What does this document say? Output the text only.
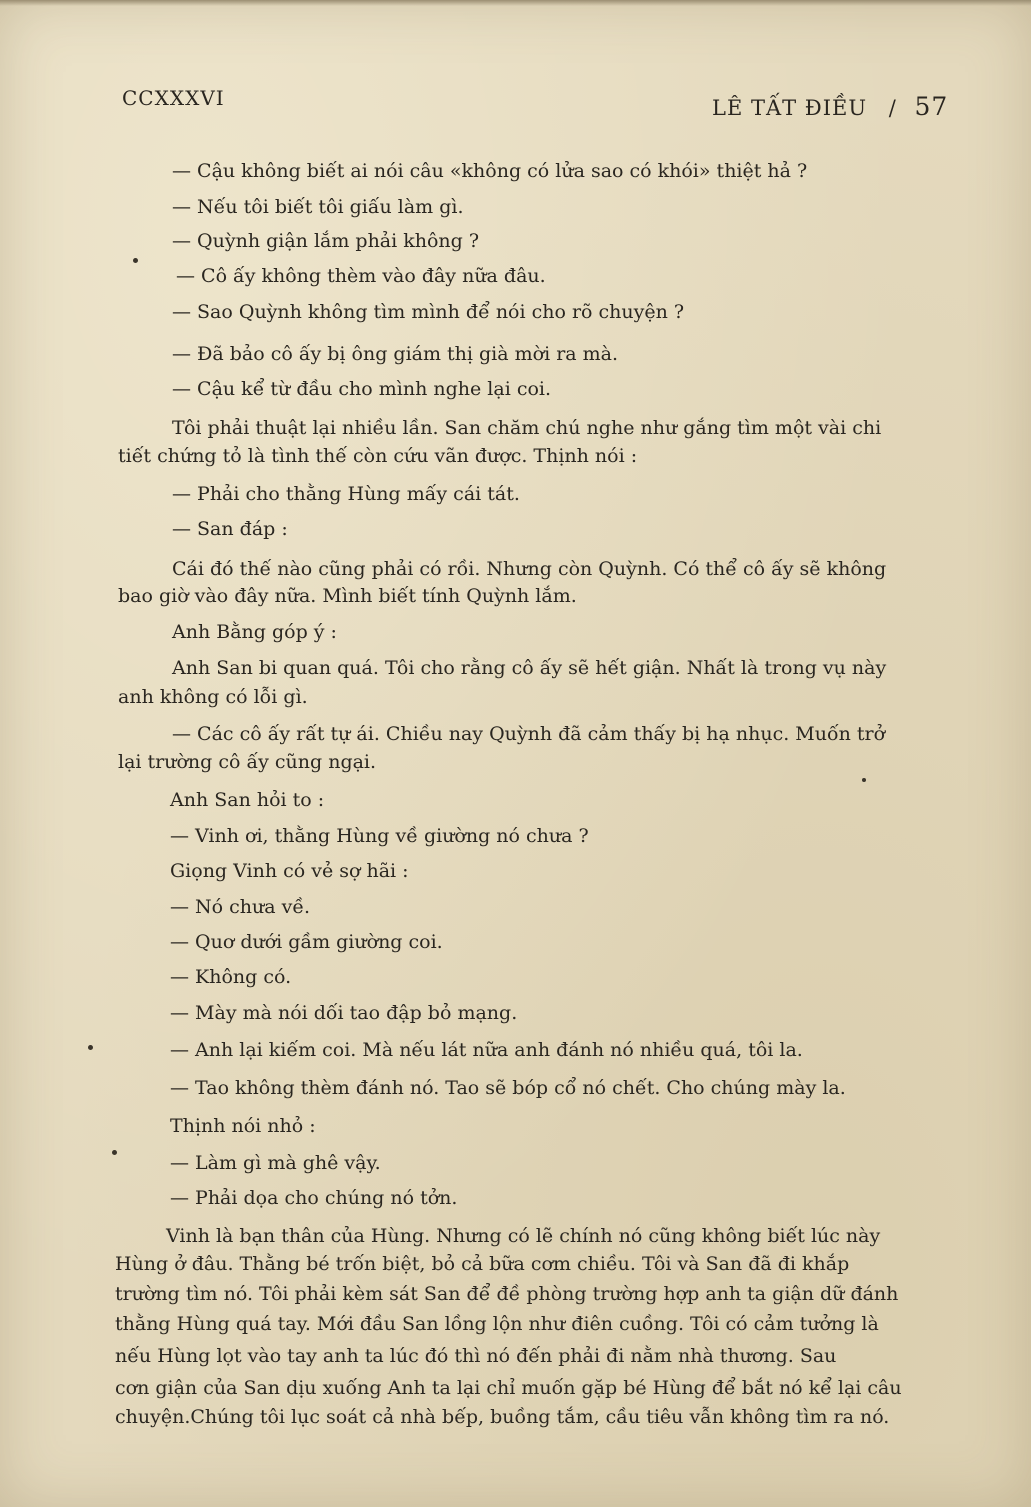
CCXXXVI	LÊ TẤT ĐIỀU / 57
— Cậu không biết ai nói câu «không có lửa sao có khói» thiệt hả ?
— Nếu tôi biết tôi giấu làm gì.
— Quỳnh giận lắm phải không ?
— Cô ấy không thèm vào đây nữa đâu.
— Sao Quỳnh không tìm mình để nói cho rõ chuyện ?
— Đã bảo cô ấy bị ông giám thị già mời ra mà.
— Cậu kể từ đầu cho mình nghe lại coi.
Tôi phải thuật lại nhiều lần. San chăm chú nghe như gắng tìm một vài chi
tiết chứng tỏ là tình thế còn cứu vãn được. Thịnh nói :
— Phải cho thằng Hùng mấy cái tát.
— San đáp :
Cái đó thế nào cũng phải có rồi. Nhưng còn Quỳnh. Có thể cô ấy sẽ không
bao giờ vào đây nữa. Mình biết tính Quỳnh lắm.
Anh Bằng góp ý :
Anh San bi quan quá. Tôi cho rằng cô ấy sẽ hết giận. Nhất là trong vụ này
anh không có lỗi gì.
— Các cô ấy rất tự ái. Chiều nay Quỳnh đã cảm thấy bị hạ nhục. Muốn trở
lại trường cô ấy cũng ngại.
Anh San hỏi to :
— Vinh ơi, thằng Hùng về giường nó chưa ?
Giọng Vinh có vẻ sợ hãi :
— Nó chưa về.
— Quơ dưới gầm giường coi.
— Không có.
— Mày mà nói dối tao đập bỏ mạng.
— Anh lại kiếm coi. Mà nếu lát nữa anh đánh nó nhiều quá, tôi la.
— Tao không thèm đánh nó. Tao sẽ bóp cổ nó chết. Cho chúng mày la.
Thịnh nói nhỏ :
— Làm gì mà ghê vậy.
— Phải dọa cho chúng nó tởn.
Vinh là bạn thân của Hùng. Nhưng có lẽ chính nó cũng không biết lúc này
Hùng ở đâu. Thằng bé trốn biệt, bỏ cả bữa cơm chiều. Tôi và San đã đi khắp
trường tìm nó. Tôi phải kèm sát San để đề phòng trường hợp anh ta giận dữ đánh
thằng Hùng quá tay. Mới đầu San lồng lộn như điên cuồng. Tôi có cảm tưởng là
nếu Hùng lọt vào tay anh ta lúc đó thì nó đến phải đi nằm nhà thương. Sau
cơn giận của San dịu xuống Anh ta lại chỉ muốn gặp bé Hùng để bắt nó kể lại câu
chuyện.Chúng tôi lục soát cả nhà bếp, buồng tắm, cầu tiêu vẫn không tìm ra nó.
